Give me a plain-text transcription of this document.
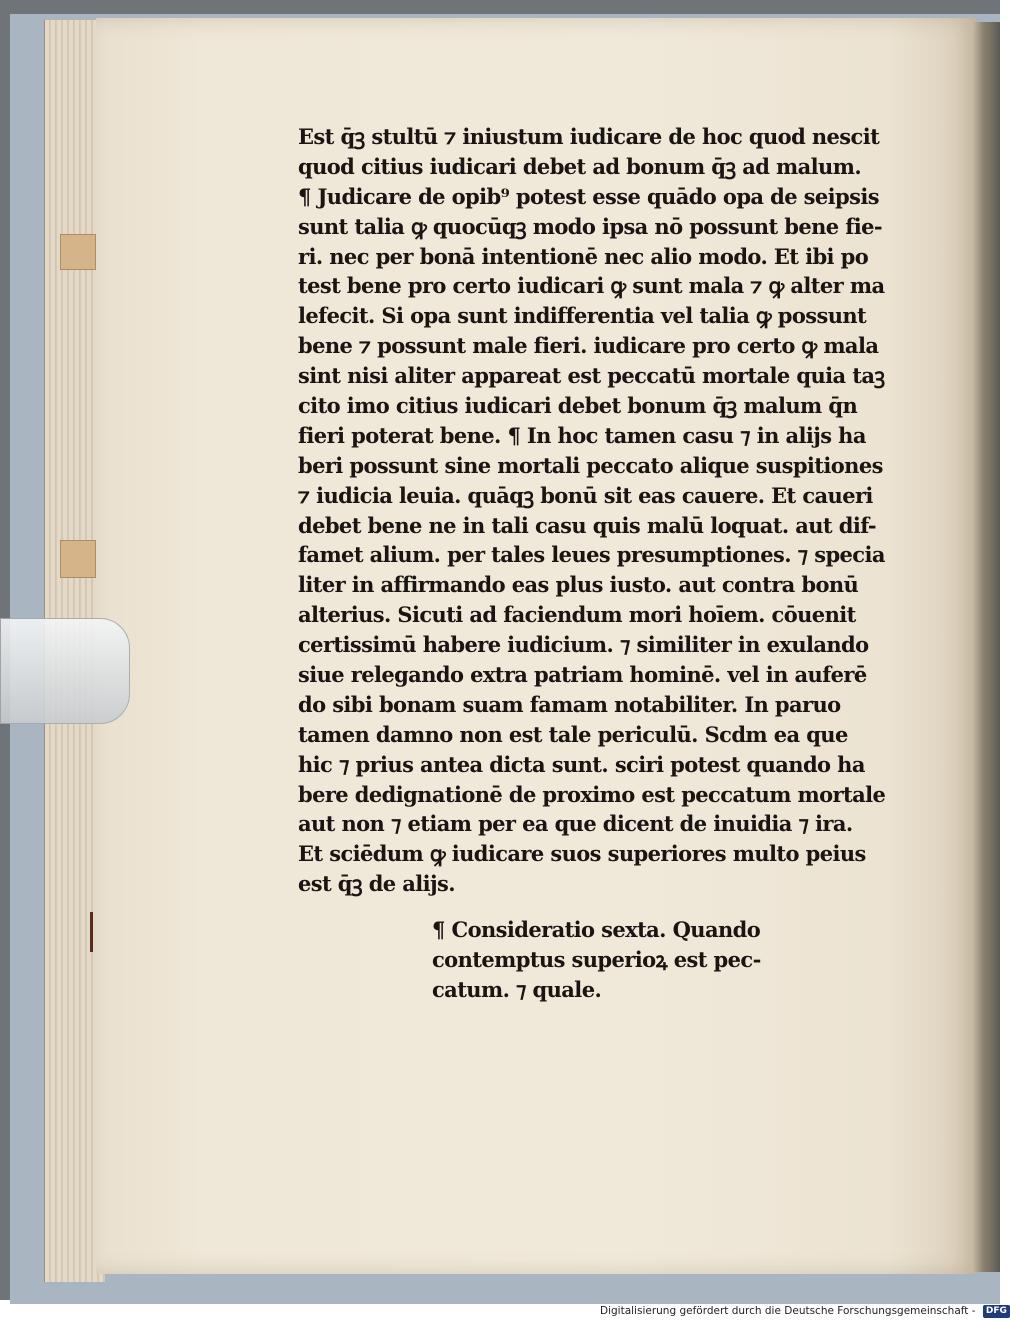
Est q̄ꝫ stultū ⁊ iniustum iudicare de hoc quod nescit
quod citius iudicari debet ad bonum q̄ꝫ ad malum.
¶ Judicare de opib⁹ potest esse quādo opa de seipsis
sunt talia ꝙ quocūqꝫ modo ipsa nō possunt bene fie-
ri. nec per bonā intentionē nec alio modo. Et ibi po
test bene pro certo iudicari ꝙ sunt mala ⁊ ꝙ alter ma
lefecit. Si opa sunt indifferentia vel talia ꝙ possunt
bene ⁊ possunt male fieri. iudicare pro certo ꝙ mala
sint nisi aliter appareat est peccatū mortale quia taꝫ
cito imo citius iudicari debet bonum q̄ꝫ malum q̄n
fieri poterat bene. ¶ In hoc tamen casu ⁊ in alijs ha
beri possunt sine mortali peccato alique suspitiones
⁊ iudicia leuia. quāqꝫ bonū sit eas cauere. Et caueri
debet bene ne in tali casu quis malū loquat. aut dif-
famet alium. per tales leues presumptiones. ⁊ specia
liter in affirmando eas plus iusto. aut contra bonū
alterius. Sicuti ad faciendum mori hoīem. cōuenit
certissimū habere iudicium. ⁊ similiter in exulando
siue relegando extra patriam hominē. vel in auferē
do sibi bonam suam famam notabiliter. In paruo
tamen damno non est tale periculū. Scdm ea que
hic ⁊ prius antea dicta sunt. sciri potest quando ha
bere dedignationē de proximo est peccatum mortale
aut non ⁊ etiam per ea que dicent de inuidia ⁊ ira.
Et sciēdum ꝙ iudicare suos superiores multo peius
est q̄ꝫ de alijs.
¶ Consideratio sexta. Quando
contemptus superioꝝ est pec-
catum. ⁊ quale.
Digitalisierung gefördert durch die Deutsche Forschungsgemeinschaft - DFG
